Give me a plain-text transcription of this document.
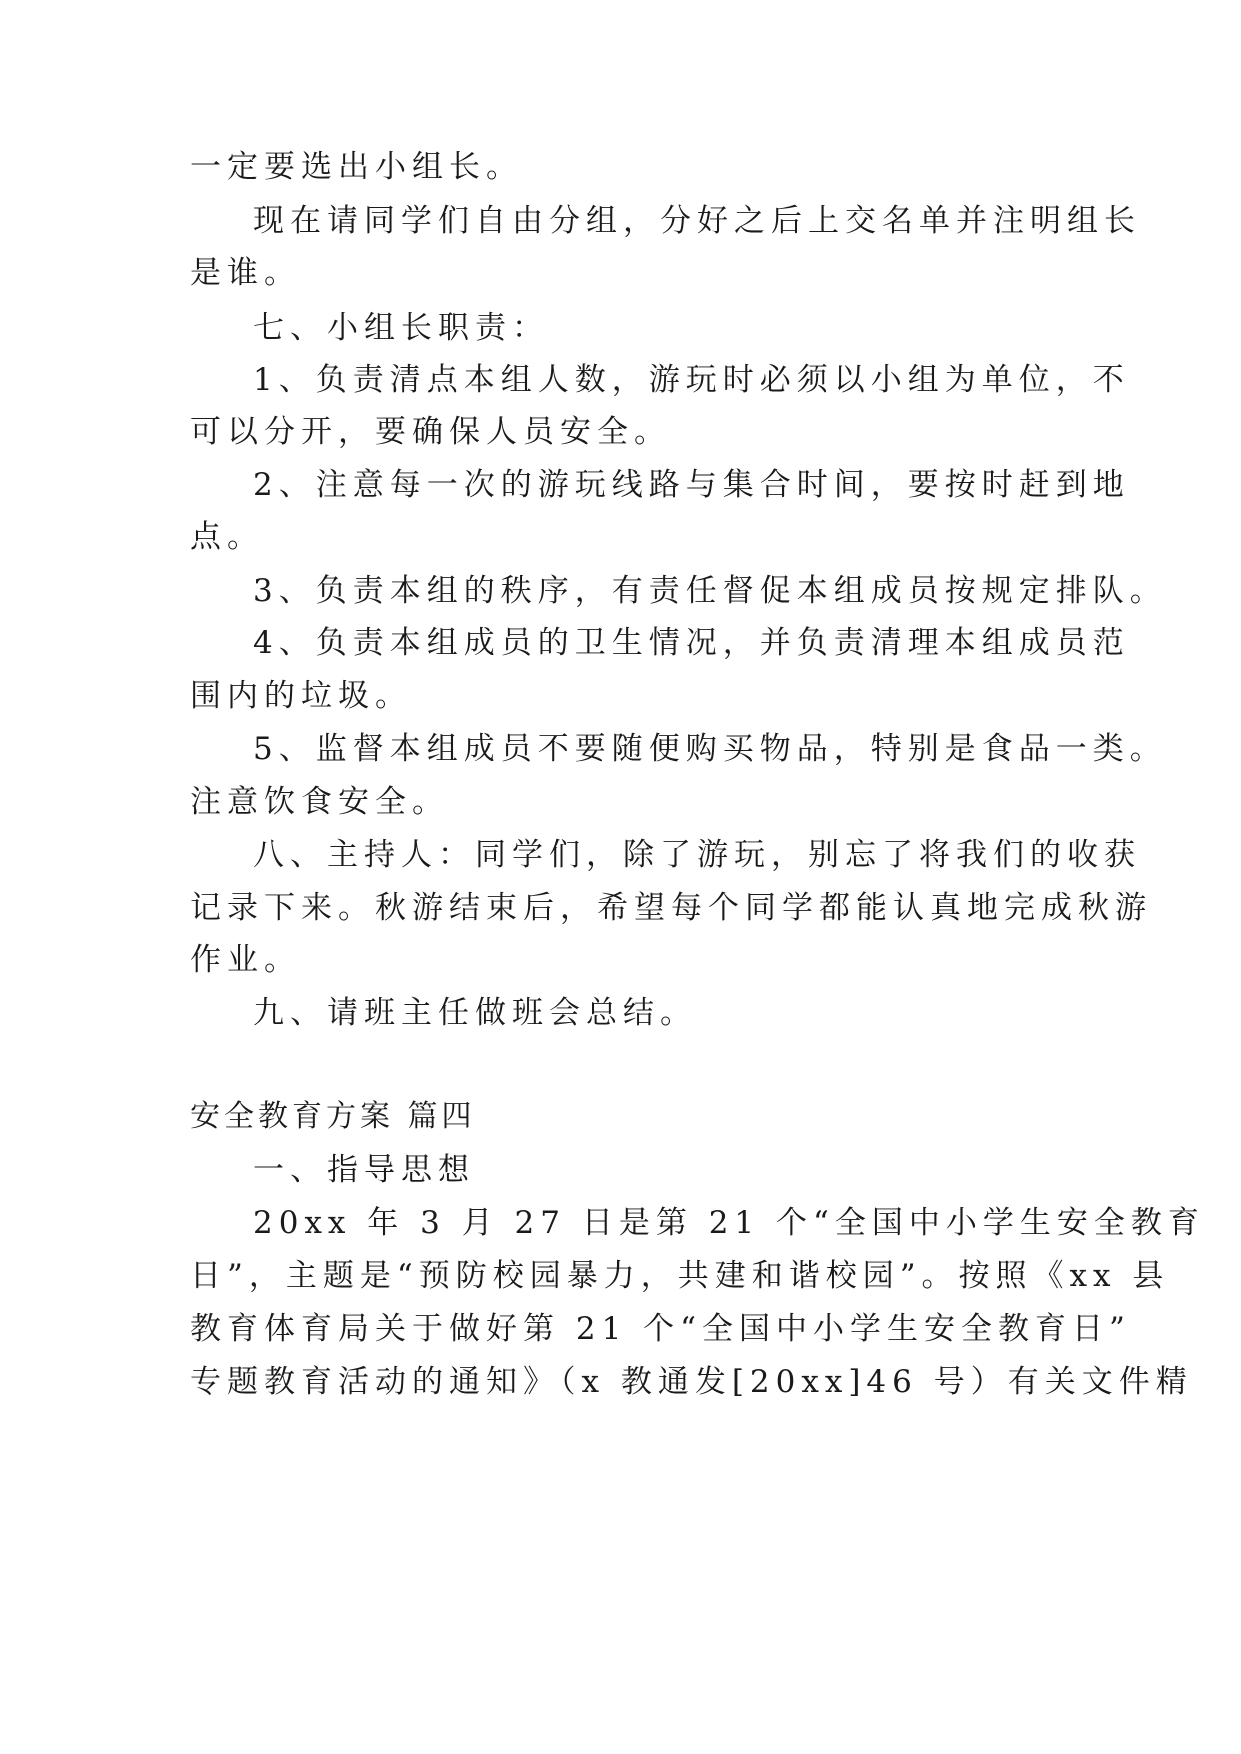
一定要选出小组长。
现在请同学们自由分组，分好之后上交名单并注明组长
是谁。
七、小组长职责：
1、负责清点本组人数，游玩时必须以小组为单位，不
可以分开，要确保人员安全。
2、注意每一次的游玩线路与集合时间，要按时赶到地
点。
3、负责本组的秩序，有责任督促本组成员按规定排队。
4、负责本组成员的卫生情况，并负责清理本组成员范
围内的垃圾。
5、监督本组成员不要随便购买物品，特别是食品一类。
注意饮食安全。
八、主持人：同学们，除了游玩，别忘了将我们的收获
记录下来。秋游结束后，希望每个同学都能认真地完成秋游
作业。
九、请班主任做班会总结。
安全教育方案 篇四
一、指导思想
20xx 年 3 月 27 日是第 21 个“全国中小学生安全教育
日”，主题是“预防校园暴力，共建和谐校园”。按照《xx 县
教育体育局关于做好第 21 个“全国中小学生安全教育日”
专题教育活动的通知》（x 教通发[20xx]46 号）有关文件精
